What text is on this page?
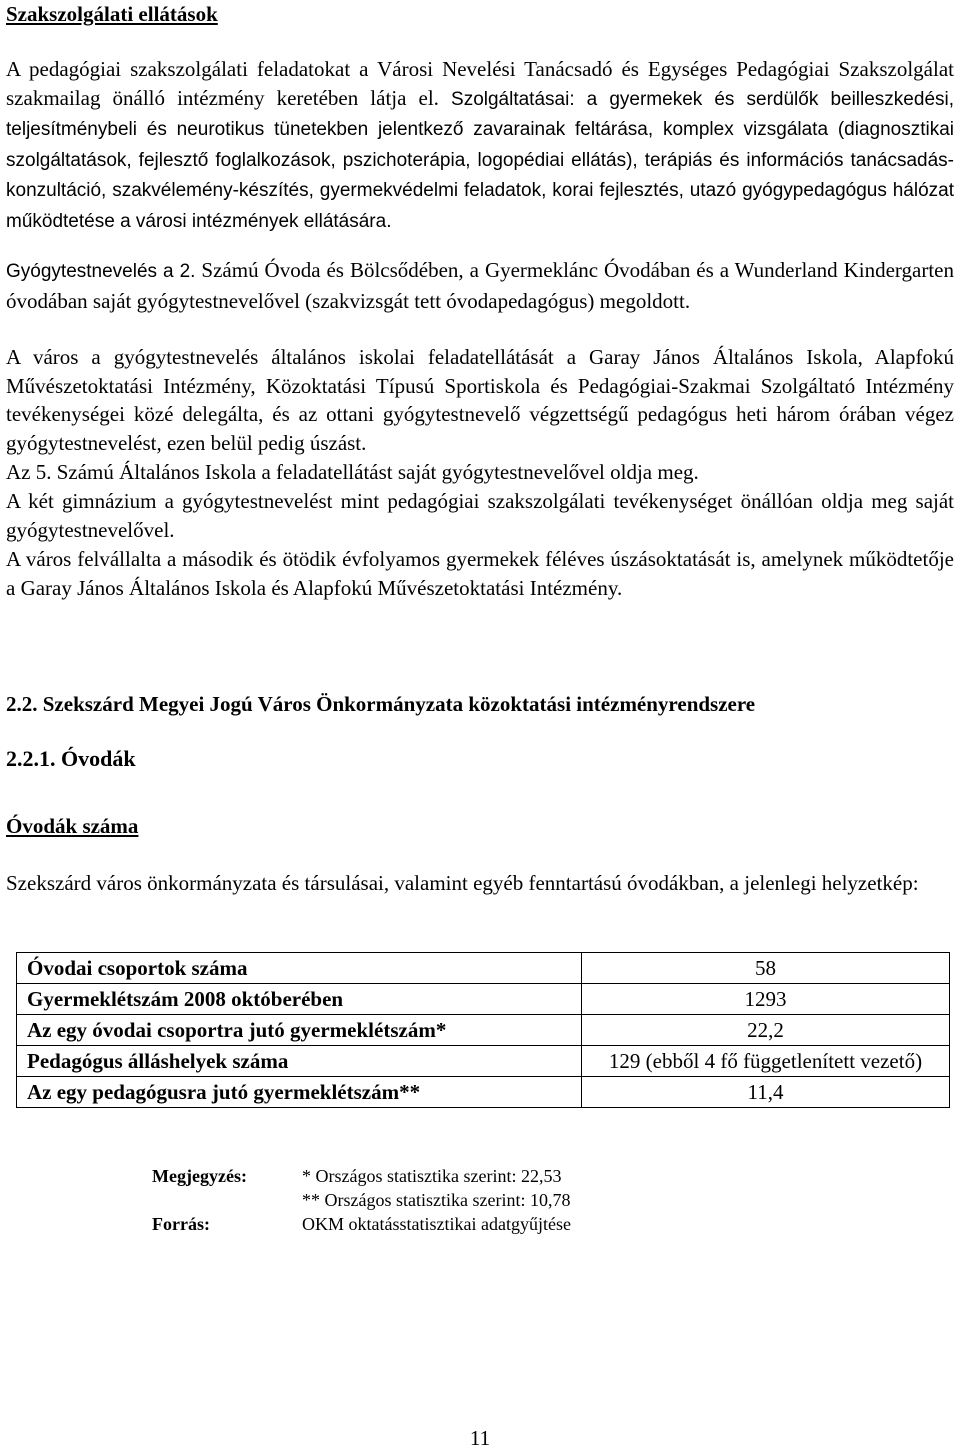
Szakszolgálati ellátások

A pedagógiai szakszolgálati feladatokat a Városi Nevelési Tanácsadó és Egységes Pedagógiai Szakszolgálat szakmailag önálló intézmény keretében látja el. Szolgáltatásai: a gyermekek és serdülők beilleszkedési, teljesítménybeli és neurotikus tünetekben jelentkező zavarainak feltárása, komplex vizsgálata (diagnosztikai szolgáltatások, fejlesztő foglalkozások, pszichoterápia, logopédiai ellátás), terápiás és információs tanácsadás-konzultáció, szakvélemény-készítés, gyermekvédelmi feladatok, korai fejlesztés, utazó gyógypedagógus hálózat működtetése a városi intézmények ellátására.

Gyógytestnevelés a 2. Számú Óvoda és Bölcsődében, a Gyermeklánc Óvodában és a Wunderland Kindergarten óvodában saját gyógytestnevelővel (szakvizsgát tett óvodapedagógus) megoldott.

A város a gyógytestnevelés általános iskolai feladatellátását a Garay János Általános Iskola, Alapfokú Művészetoktatási Intézmény, Közoktatási Típusú Sportiskola és Pedagógiai-Szakmai Szolgáltató Intézmény tevékenységei közé delegálta, és az ottani gyógytestnevelő végzettségű pedagógus heti három órában végez gyógytestnevelést, ezen belül pedig úszást.

Az 5. Számú Általános Iskola a feladatellátást saját gyógytestnevelővel oldja meg.

A két gimnázium a gyógytestnevelést mint pedagógiai szakszolgálati tevékenységet önállóan oldja meg saját gyógytestnevelővel.

A város felvállalta a második és ötödik évfolyamos gyermekek féléves úszásoktatását is, amelynek működtetője a Garay János Általános Iskola és Alapfokú Művészetoktatási Intézmény.

2.2. Szekszárd Megyei Jogú Város Önkormányzata közoktatási intézményrendszere
2.2.1. Óvodák
Óvodák száma

Szekszárd város önkormányzata és társulásai, valamint egyéb fenntartású óvodákban, a jelenlegi helyzetkép:

Óvodai csoportok száma	58
Gyermeklétszám 2008 októberében	1293
Az egy óvodai csoportra jutó gyermeklétszám*	22,2
Pedagógus álláshelyek száma	129 (ebből 4 fő függetlenített vezető)
Az egy pedagógusra jutó gyermeklétszám**	11,4
Megjegyzés:	* Országos statisztika szerint: 22,53
** Országos statisztika szerint: 10,78
Forrás:	OKM oktatásstatisztikai adatgyűjtése
11
